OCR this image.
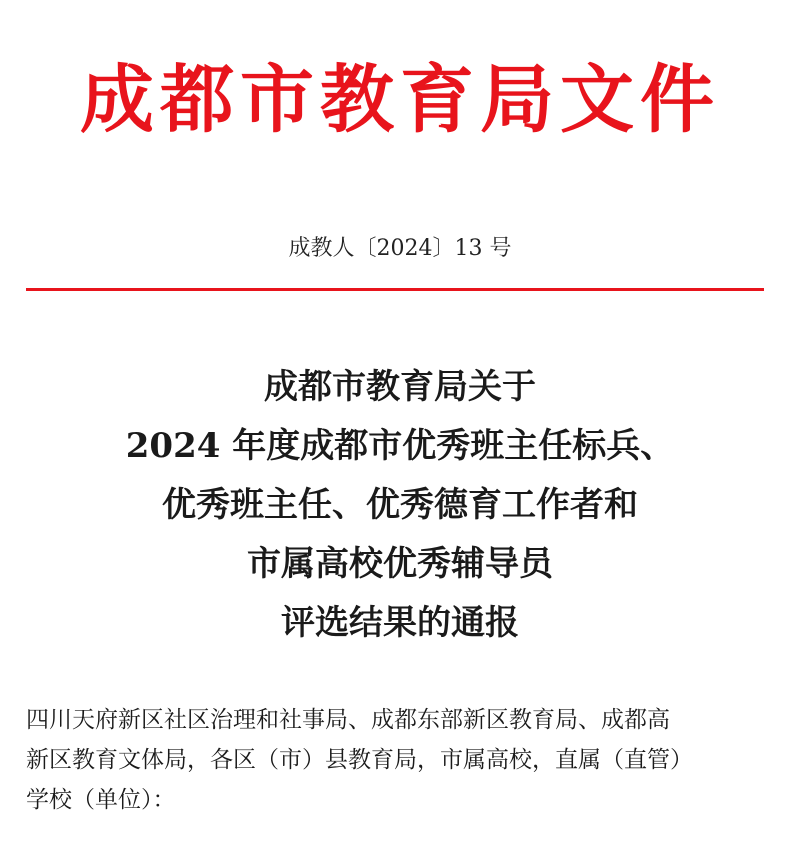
成都市教育局文件
成教人〔2024〕13 号
成都市教育局关于
2024 年度成都市优秀班主任标兵、
优秀班主任、优秀德育工作者和
市属高校优秀辅导员
评选结果的通报
四川天府新区社区治理和社事局、成都东部新区教育局、成都高
新区教育文体局，各区（市）县教育局，市属高校，直属（直管）
学校（单位）：
